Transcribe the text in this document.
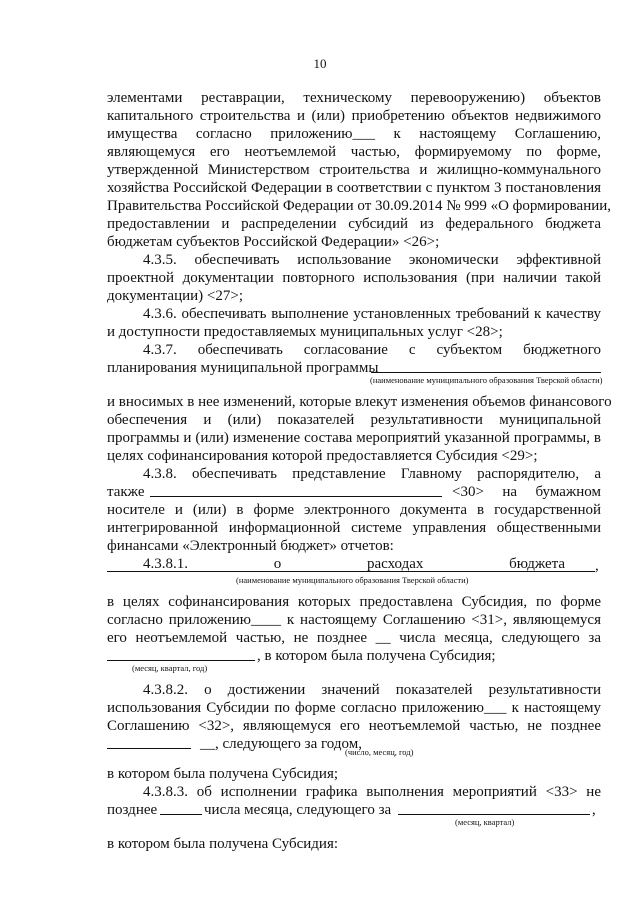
10
элементами реставрации, техническому перевооружению) объектов
капитального строительства и (или) приобретению объектов недвижимого
имущества согласно приложению___ к настоящему Соглашению,
являющемуся его неотъемлемой частью, формируемому по форме,
утвержденной Министерством строительства и жилищно-коммунального
хозяйства Российской Федерации в соответствии с пунктом 3 постановления
Правительства Российской Федерации от 30.09.2014 № 999 «О формировании,
предоставлении и распределении субсидий из федерального бюджета
бюджетам субъектов Российской Федерации» <26>;
4.3.5. обеспечивать использование экономически эффективной
проектной документации повторного использования (при наличии такой
документации) <27>;
4.3.6. обеспечивать выполнение установленных требований к качеству
и доступности предоставляемых муниципальных услуг <28>;
4.3.7. обеспечивать согласование с субъектом бюджетного
планирования муниципальной программы
(наименование муниципального образования Тверской области)
и вносимых в нее изменений, которые влекут изменения объемов финансового
обеспечения и (или) показателей результативности муниципальной
программы и (или) изменение состава мероприятий указанной программы, в
целях софинансирования которой предоставляется Субсидия <29>;
4.3.8. обеспечивать представление Главному распорядителю, а
также	<30> на бумажном
носителе и (или) в форме электронного документа в государственной
интегрированной информационной системе управления общественными
финансами «Электронный бюджет» отчетов:
4.3.8.1. о расходах бюджета ,
(наименование муниципального образования Тверской области)
в целях софинансирования которых предоставлена Субсидия, по форме
согласно приложению____ к настоящему Соглашению <31>, являющемуся
его неотъемлемой частью, не позднее __ числа месяца, следующего за
, в котором была получена Субсидия;
(месяц, квартал, год)
4.3.8.2. о достижении значений показателей результативности
использования Субсидии по форме согласно приложению___ к настоящему
Соглашению <32>, являющемуся его неотъемлемой частью, не позднее
__, следующего за годом,
(число, месяц, год)
в котором была получена Субсидия;
4.3.8.3. об исполнении графика выполнения мероприятий <33> не
позднее	числа месяца, следующего за	,
(месяц, квартал)
в котором была получена Субсидия:
